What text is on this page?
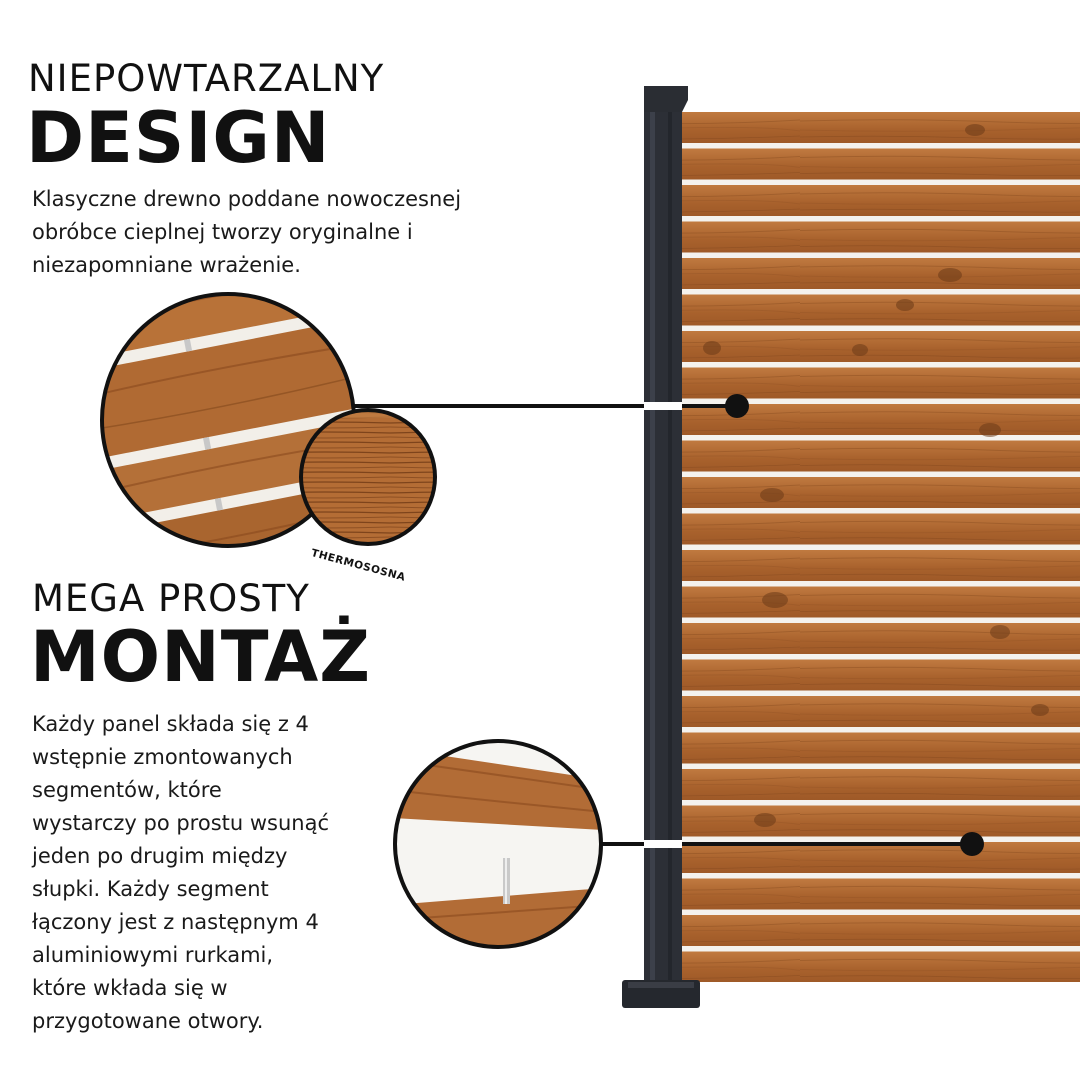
NIEPOWTARZALNY
DESIGN
Klasyczne drewno poddane nowoczesnej
obróbce cieplnej tworzy oryginalne i
niezapomniane wrażenie.
THERMOSOSNA
MEGA PROSTY
MONTAŻ
Każdy panel składa się z 4
wstępnie zmontowanych
segmentów, które
wystarczy po prostu wsunąć
jeden po drugim między
słupki. Każdy segment
łączony jest z następnym 4
aluminiowymi rurkami,
które wkłada się w
przygotowane otwory.
